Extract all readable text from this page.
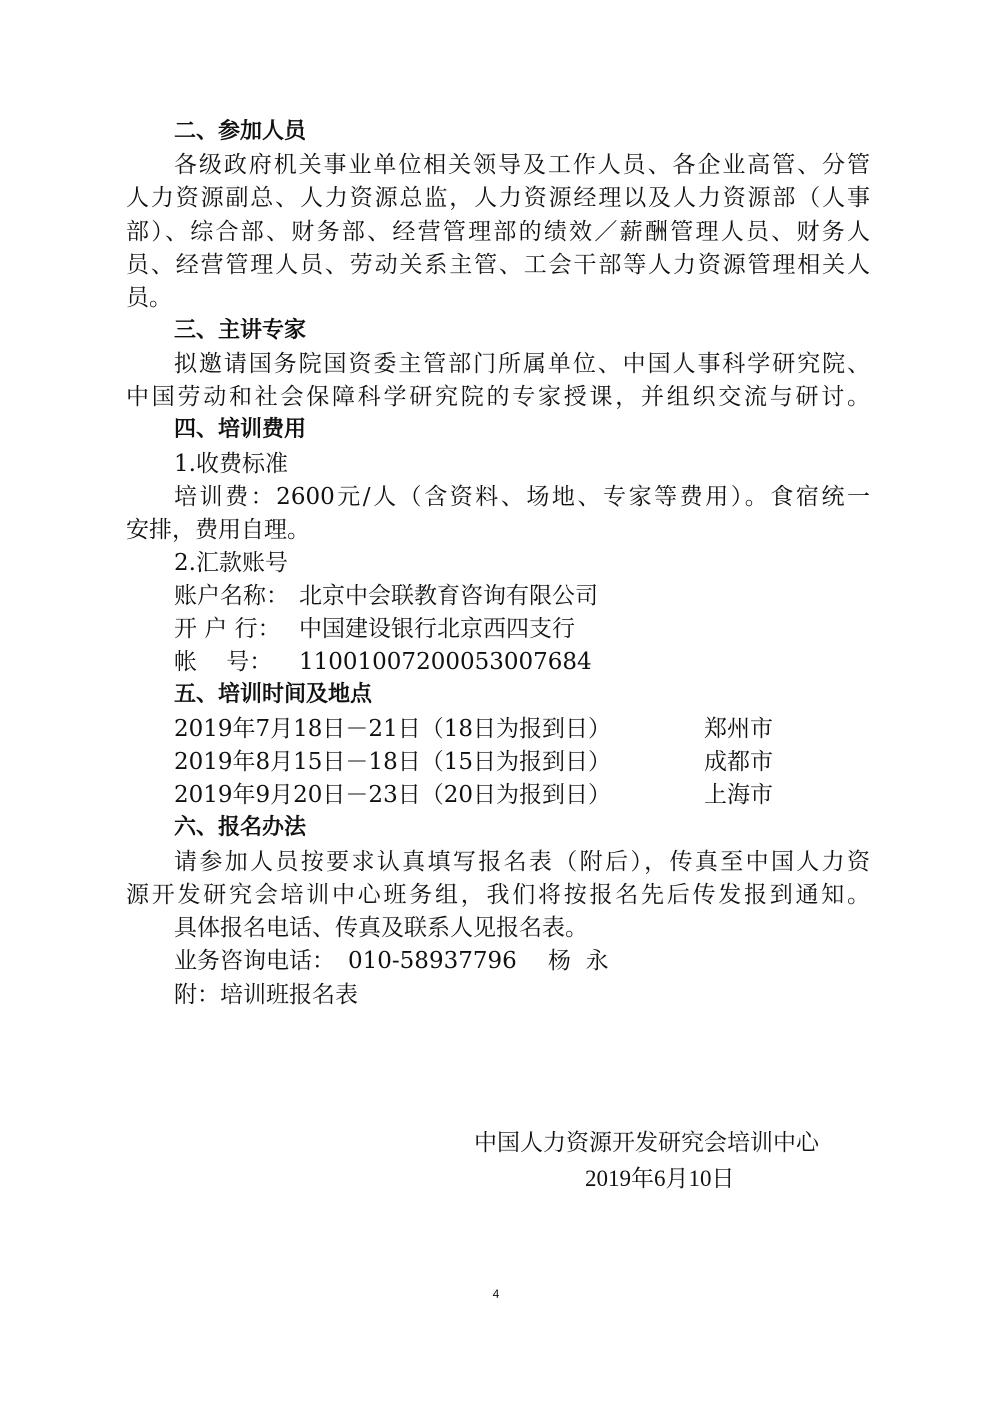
二、参加人员
各级政府机关事业单位相关领导及工作人员、各企业高管、分管
人力资源副总、人力资源总监，人力资源经理以及人力资源部（人事
部）、综合部、财务部、经营管理部的绩效／薪酬管理人员、财务人
员、经营管理人员、劳动关系主管、工会干部等人力资源管理相关人
员。
三、主讲专家
拟邀请国务院国资委主管部门所属单位、中国人事科学研究院、
中国劳动和社会保障科学研究院的专家授课，并组织交流与研讨。
四、培训费用
1.收费标准
培训费：2600元/人（含资料、场地、专家等费用）。食宿统一
安排，费用自理。
2.汇款账号
账户名称： 北京中会联教育咨询有限公司
开 户 行： 中国建设银行北京西四支行
帐    号：	11001007200053007684
五、培训时间及地点
2019年7月18日－21日（18日为报到日）	郑州市
2019年8月15日－18日（15日为报到日）	成都市
2019年9月20日－23日（20日为报到日）	上海市
六、报名办法
请参加人员按要求认真填写报名表（附后），传真至中国人力资
源开发研究会培训中心班务组，我们将按报名先后传发报到通知。
具体报名电话、传真及联系人见报名表。
业务咨询电话： 010-58937796 杨  永
附：培训班报名表
中国人力资源开发研究会培训中心
2019年6月10日
4
